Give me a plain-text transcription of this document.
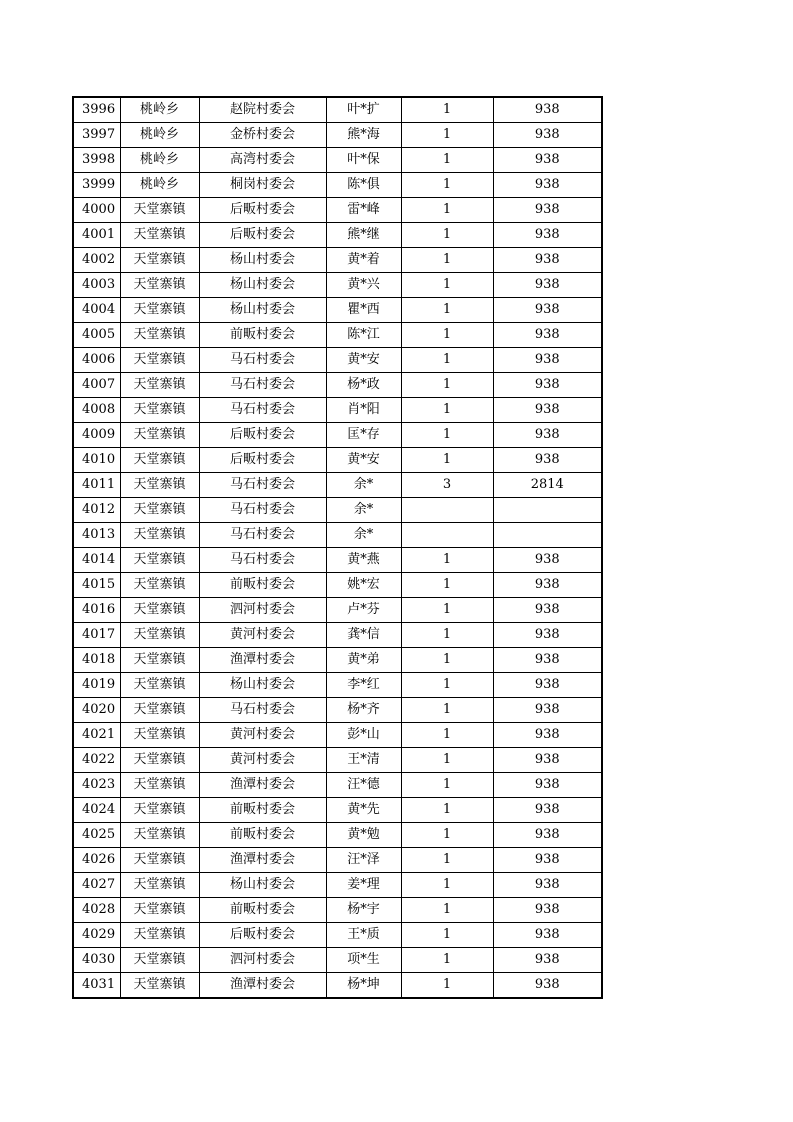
3996	桃岭乡	赵院村委会	叶*扩	1	938
3997	桃岭乡	金桥村委会	熊*海	1	938
3998	桃岭乡	高湾村委会	叶*保	1	938
3999	桃岭乡	桐岗村委会	陈*俱	1	938
4000	天堂寨镇	后畈村委会	雷*峰	1	938
4001	天堂寨镇	后畈村委会	熊*继	1	938
4002	天堂寨镇	杨山村委会	黄*着	1	938
4003	天堂寨镇	杨山村委会	黄*兴	1	938
4004	天堂寨镇	杨山村委会	瞿*西	1	938
4005	天堂寨镇	前畈村委会	陈*江	1	938
4006	天堂寨镇	马石村委会	黄*安	1	938
4007	天堂寨镇	马石村委会	杨*政	1	938
4008	天堂寨镇	马石村委会	肖*阳	1	938
4009	天堂寨镇	后畈村委会	匡*存	1	938
4010	天堂寨镇	后畈村委会	黄*安	1	938
4011	天堂寨镇	马石村委会	余*	3	2814
4012	天堂寨镇	马石村委会	余*		
4013	天堂寨镇	马石村委会	余*		
4014	天堂寨镇	马石村委会	黄*燕	1	938
4015	天堂寨镇	前畈村委会	姚*宏	1	938
4016	天堂寨镇	泗河村委会	卢*芬	1	938
4017	天堂寨镇	黄河村委会	龚*信	1	938
4018	天堂寨镇	渔潭村委会	黄*弟	1	938
4019	天堂寨镇	杨山村委会	李*红	1	938
4020	天堂寨镇	马石村委会	杨*齐	1	938
4021	天堂寨镇	黄河村委会	彭*山	1	938
4022	天堂寨镇	黄河村委会	王*清	1	938
4023	天堂寨镇	渔潭村委会	汪*德	1	938
4024	天堂寨镇	前畈村委会	黄*先	1	938
4025	天堂寨镇	前畈村委会	黄*勉	1	938
4026	天堂寨镇	渔潭村委会	汪*泽	1	938
4027	天堂寨镇	杨山村委会	姜*理	1	938
4028	天堂寨镇	前畈村委会	杨*宇	1	938
4029	天堂寨镇	后畈村委会	王*质	1	938
4030	天堂寨镇	泗河村委会	项*生	1	938
4031	天堂寨镇	渔潭村委会	杨*坤	1	938
